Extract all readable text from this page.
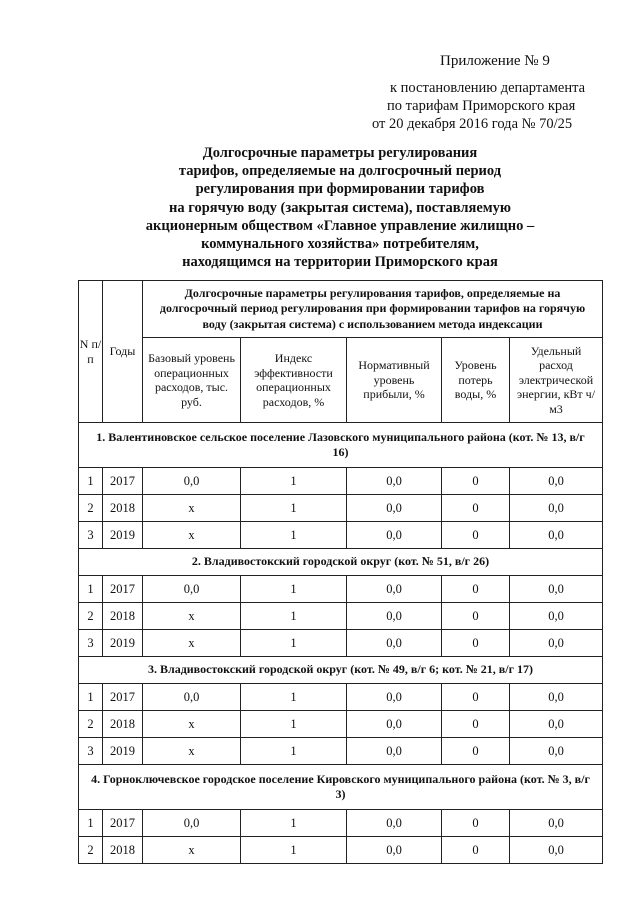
Приложение № 9
к постановлению департамента
по тарифам Приморского края
от 20 декабря 2016 года № 70/25
Долгосрочные параметры регулирования
тарифов, определяемые на долгосрочный период
регулирования при формировании тарифов
на горячую воду (закрытая система), поставляемую
акционерным обществом «Главное управление жилищно –
коммунального хозяйства» потребителям,
находящимся на территории Приморского края
N п/п	Годы	Долгосрочные параметры регулирования тарифов, определяемые на долгосрочный период регулирования при формировании тарифов на горячую воду (закрытая система) с использованием метода индексации				
		Базовый уровень операционных расходов, тыс. руб.	Индекс эффективности операционных расходов, %	Нормативный уровень прибыли, %	Уровень потерь воды, %	Удельный расход электрической энергии, кВт ч/м3
1. Валентиновское сельское поселение Лазовского муниципального района (кот. № 13, в/г 16)						
1	2017	0,0	1	0,0	0	0,0
2	2018	х	1	0,0	0	0,0
3	2019	х	1	0,0	0	0,0
2. Владивостокский городской округ (кот. № 51, в/г 26)						
1	2017	0,0	1	0,0	0	0,0
2	2018	х	1	0,0	0	0,0
3	2019	х	1	0,0	0	0,0
3. Владивостокский городской округ (кот. № 49, в/г 6; кот. № 21, в/г 17)						
1	2017	0,0	1	0,0	0	0,0
2	2018	х	1	0,0	0	0,0
3	2019	х	1	0,0	0	0,0
4. Горноключевское городское поселение Кировского муниципального района (кот. № 3, в/г 3)						
1	2017	0,0	1	0,0	0	0,0
2	2018	х	1	0,0	0	0,0
